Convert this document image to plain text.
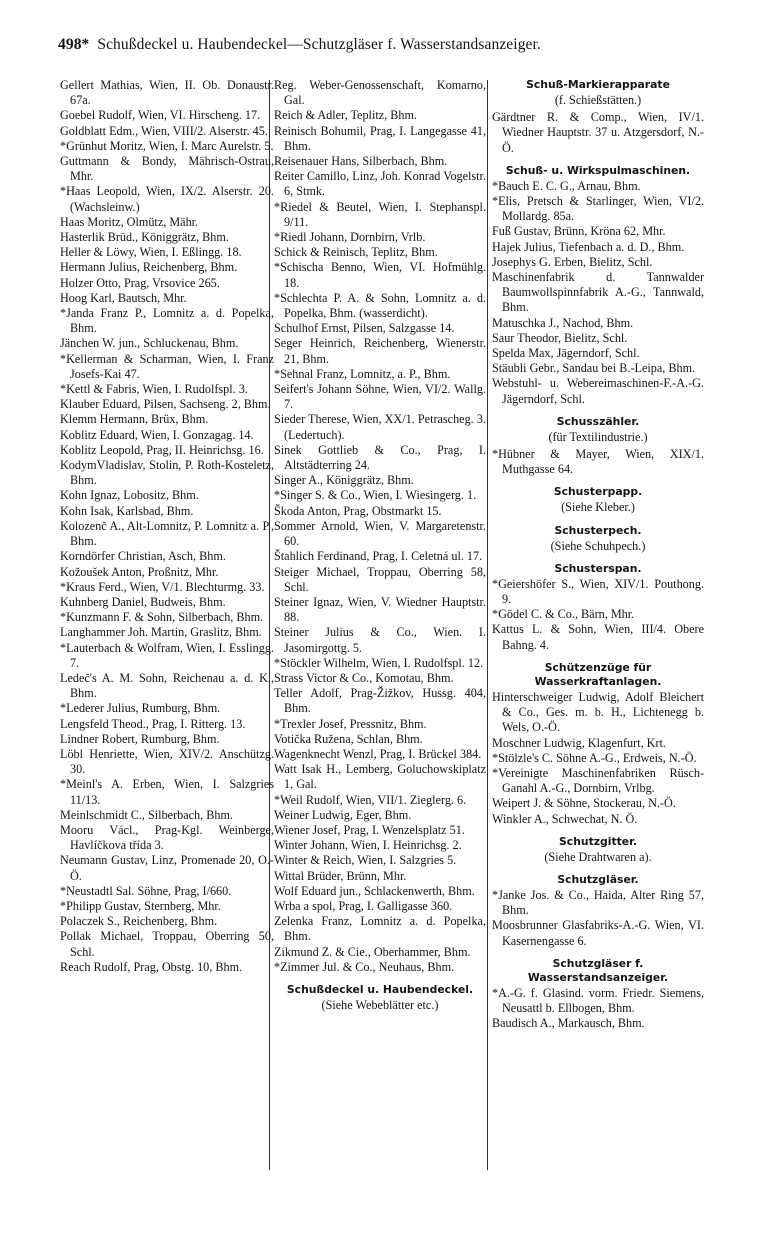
498* Schußdeckel u. Haubendeckel—Schutzgläser f. Wasserstandsanzeiger.
Gellert Mathias, Wien, II. Ob. Donaustr. 67a.
Goebel Rudolf, Wien, VI. Hirscheng. 17.
Goldblatt Edm., Wien, VIII/2. Alserstr. 45.
*Grünhut Moritz, Wien, I. Marc Aurelstr. 5.
Guttmann & Bondy, Mährisch-Ostrau, Mhr.
*Haas Leopold, Wien, IX/2. Alserstr. 20. (Wachsleinw.)
Haas Moritz, Olmütz, Mähr.
Hasterlik Brüd., Königgrätz, Bhm.
Heller & Löwy, Wien, I. Eßlingg. 18.
Hermann Julius, Reichenberg, Bhm.
Holzer Otto, Prag, Vrsovice 265.
Hoog Karl, Bautsch, Mhr.
*Janda Franz P., Lomnitz a. d. Popelka, Bhm.
Jänchen W. jun., Schluckenau, Bhm.
*Kellerman & Scharman, Wien, I. Franz Josefs-Kai 47.
*Kettl & Fabris, Wien, I. Rudolfspl. 3.
Klauber Eduard, Pilsen, Sachseng. 2, Bhm.
Klemm Hermann, Brüx, Bhm.
Koblitz Eduard, Wien, I. Gonzagag. 14.
Koblitz Leopold, Prag, II. Heinrichsg. 16.
KodymVladislav, Stolin, P. Roth-Kosteletz, Bhm.
Kohn Ignaz, Lobositz, Bhm.
Kohn Isak, Karlsbad, Bhm.
Kolozenč A., Alt-Lomnitz, P. Lomnitz a. P., Bhm.
Korndörfer Christian, Asch, Bhm.
Kožoušek Anton, Proßnitz, Mhr.
*Kraus Ferd., Wien, V/1. Blechturmg. 33.
Kuhnberg Daniel, Budweis, Bhm.
*Kunzmann F. & Sohn, Silberbach, Bhm.
Langhammer Joh. Martin, Graslitz, Bhm.
*Lauterbach & Wolfram, Wien, I. Esslingg. 7.
Ledeč's A. M. Sohn, Reichenau a. d. K., Bhm.
*Lederer Julius, Rumburg, Bhm.
Lengsfeld Theod., Prag, I. Ritterg. 13.
Lindner Robert, Rumburg, Bhm.
Löbl Henriette, Wien, XIV/2. Anschützg. 30.
*Meinl's A. Erben, Wien, I. Salzgries 11/13.
Meinlschmidt C., Silberbach, Bhm.
Mooru Václ., Prag-Kgl. Weinberge, Havlíčkova třída 3.
Neumann Gustav, Linz, Promenade 20, O.-Ö.
*Neustadtl Sal. Söhne, Prag, I/660.
*Philipp Gustav, Sternberg, Mhr.
Polaczek S., Reichenberg, Bhm.
Pollak Michael, Troppau, Oberring 50, Schl.
Reach Rudolf, Prag, Obstg. 10, Bhm.
Reg. Weber-Genossenschaft, Komarno, Gal.
Reich & Adler, Teplitz, Bhm.
Reinisch Bohumil, Prag, I. Langegasse 41, Bhm.
Reisenauer Hans, Silberbach, Bhm.
Reiter Camillo, Linz, Joh. Konrad Vogelstr. 6, Stmk.
*Riedel & Beutel, Wien, I. Stephanspl. 9/11.
*Riedl Johann, Dornbirn, Vrlb.
Schick & Reinisch, Teplitz, Bhm.
*Schischa Benno, Wien, VI. Hofmühlg. 18.
*Schlechta P. A. & Sohn, Lomnitz a. d. Popelka, Bhm. (wasserdicht).
Schulhof Ernst, Pilsen, Salzgasse 14.
Seger Heinrich, Reichenberg, Wienerstr. 21, Bhm.
*Sehnal Franz, Lomnitz, a. P., Bhm.
Seifert's Johann Söhne, Wien, VI/2. Wallg. 7.
Sieder Therese, Wien, XX/1. Petrascheg. 3. (Ledertuch).
Sinek Gottlieb & Co., Prag, I. Altstädterring 24.
Singer A., Königgrätz, Bhm.
*Singer S. & Co., Wien, I. Wiesingerg. 1.
Škoda Anton, Prag, Obstmarkt 15.
Sommer Arnold, Wien, V. Margaretenstr. 60.
Štahlich Ferdinand, Prag, I. Celetná ul. 17.
Steiger Michael, Troppau, Oberring 58, Schl.
Steiner Ignaz, Wien, V. Wiedner Hauptstr. 88.
Steiner Julius & Co., Wien. I. Jasomirgottg. 5.
*Stöckler Wilhelm, Wien, I. Rudolfspl. 12.
Strass Victor & Co., Komotau, Bhm.
Teller Adolf, Prag-Žižkov, Hussg. 404, Bhm.
*Trexler Josef, Pressnitz, Bhm.
Votička Ružena, Schlan, Bhm.
Wagenknecht Wenzl, Prag, I. Brückel 384.
Watt Isak H., Lemberg, Goluchowskiplatz 1, Gal.
*Weil Rudolf, Wien, VII/1. Zieglerg. 6.
Weiner Ludwig, Eger, Bhm.
Wiener Josef, Prag, I. Wenzelsplatz 51.
Winter Johann, Wien, I. Heinrichsg. 2.
Winter & Reich, Wien, I. Salzgries 5.
Wittal Brüder, Brünn, Mhr.
Wolf Eduard jun., Schlackenwerth, Bhm.
Wrba a spol, Prag, I. Galligasse 360.
Zelenka Franz, Lomnitz a. d. Popelka, Bhm.
Zikmund Z. & Cie., Oberhammer, Bhm.
*Zimmer Jul. & Co., Neuhaus, Bhm.
Schußdeckel u. Haubendeckel.
(Siehe Webeblätter etc.)
Schuß-Markierapparate
(f. Schießstätten.)
Gärdtner R. & Comp., Wien, IV/1. Wiedner Hauptstr. 37 u. Atzgersdorf, N.-Ö.
Schuß- u. Wirkspulmaschinen.
*Bauch E. C. G., Arnau, Bhm.
*Elis, Pretsch & Starlinger, Wien, VI/2. Mollardg. 85a.
Fuß Gustav, Brünn, Kröna 62, Mhr.
Hajek Julius, Tiefenbach a. d. D., Bhm.
Josephys G. Erben, Bielitz, Schl.
Maschinenfabrik d. Tannwalder Baumwollspinnfabrik A.-G., Tannwald, Bhm.
Matuschka J., Nachod, Bhm.
Saur Theodor, Bielitz, Schl.
Spelda Max, Jägerndorf, Schl.
Stäubli Gebr., Sandau bei B.-Leipa, Bhm.
Webstuhl- u. Webereimaschinen-F.-A.-G. Jägerndorf, Schl.
Schusszähler.
(für Textilindustrie.)
*Hübner & Mayer, Wien, XIX/1. Muthgasse 64.
Schusterpapp.
(Siehe Kleber.)
Schusterpech.
(Siehe Schuhpech.)
Schusterspan.
*Geiershöfer S., Wien, XIV/1. Pouthong. 9.
*Gödel C. & Co., Bärn, Mhr.
Kattus L. & Sohn, Wien, III/4. Obere Bahng. 4.
Schützenzüge für Wasserkraftanlagen.
Hinterschweiger Ludwig, Adolf Bleichert & Co., Ges. m. b. H., Lichtenegg b. Wels, O.-Ö.
Moschner Ludwig, Klagenfurt, Krt.
*Stölzle's C. Söhne A.-G., Erdweis, N.-Ö.
*Vereinigte Maschinenfabriken Rüsch-Ganahl A.-G., Dornbirn, Vrlbg.
Weipert J. & Söhne, Stockerau, N.-Ö.
Winkler A., Schwechat, N. Ö.
Schutzgitter.
(Siehe Drahtwaren a).
Schutzgläser.
*Janke Jos. & Co., Haida, Alter Ring 57, Bhm.
Moosbrunner Glasfabriks-A.-G. Wien, VI. Kasernengasse 6.
Schutzgläser f. Wasserstandsanzeiger.
*A.-G. f. Glasind. vorm. Friedr. Siemens, Neusattl b. Ellbogen, Bhm.
Baudisch A., Markausch, Bhm.
